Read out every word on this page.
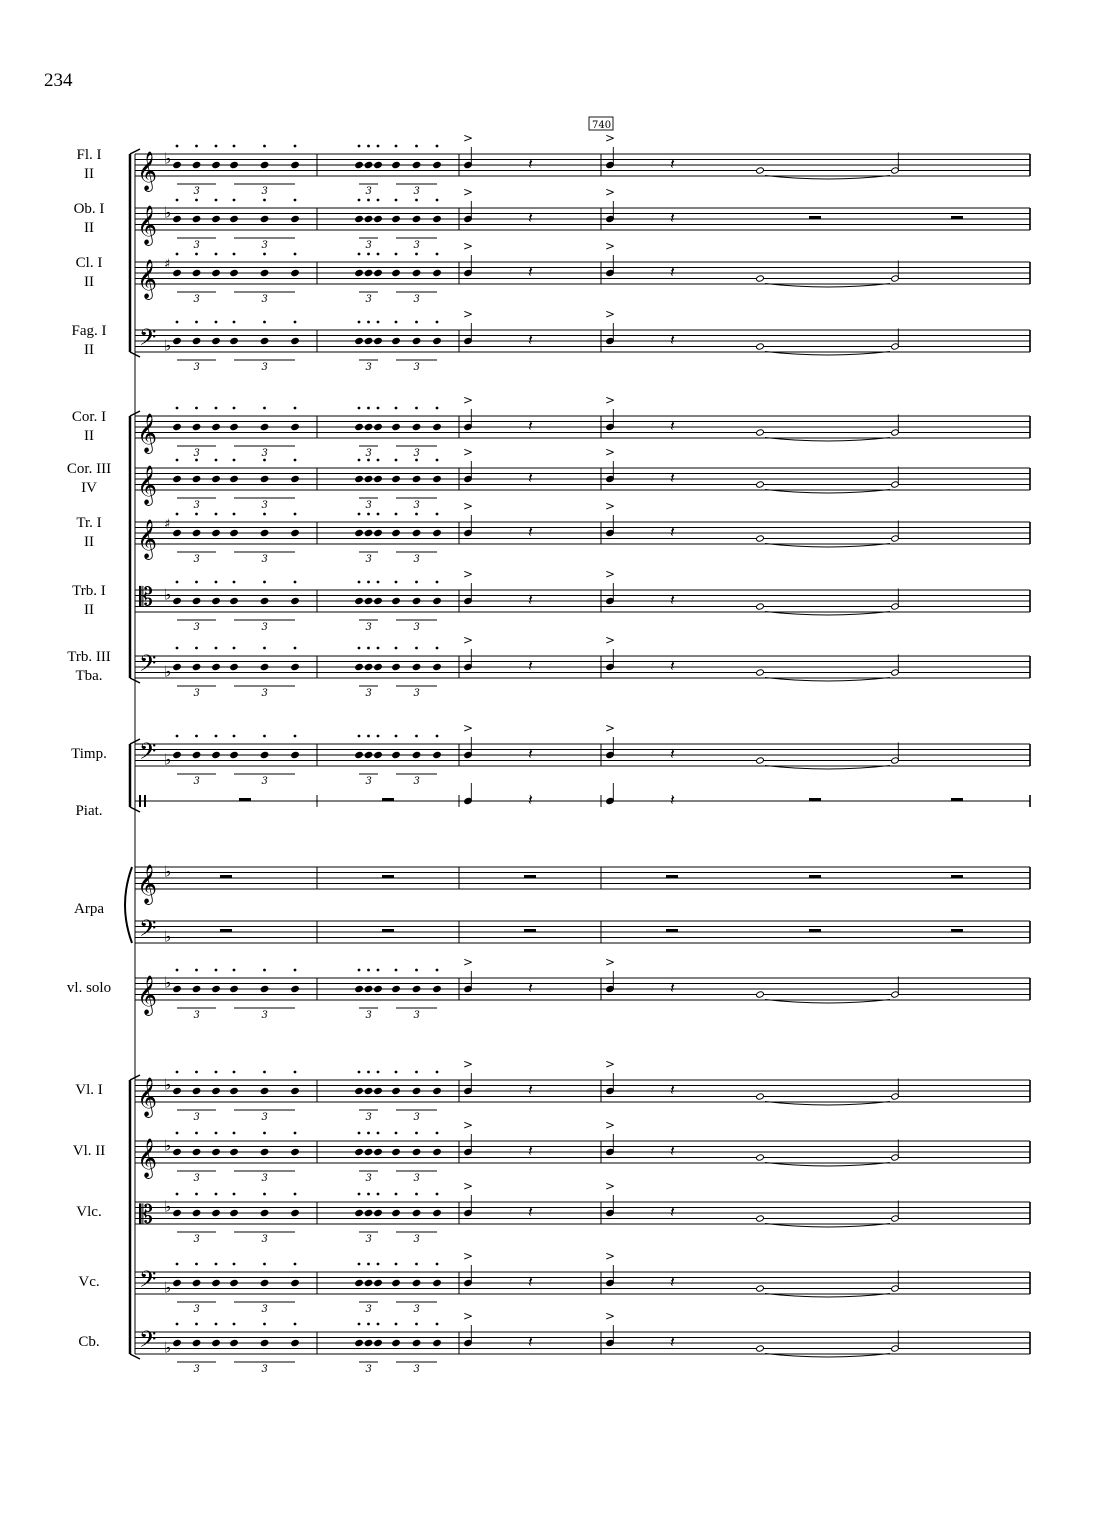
234
Fl. I
II
Ob. I
II
Cl. I
II
Fag. I
II
Cor. I
II
Cor. III
IV
Tr. I
II
Trb. I
II
Trb. III
Tba.
Timp.
Piat.
Arpa
vl. solo
Vl. I
Vl. II
Vlc.
Vc.
Cb.
𝄞 ♭
3	3	3	3
>
𝄽
>
𝄽
𝄞 ♭
3	3	3	3
>
𝄽
>
𝄽
𝄞 ♯
3	3	3	3
>
𝄽
>
𝄽
𝄢 ♭
3	3	3	3
>
𝄽
>
𝄽
𝄞
3	3	3	3
>
𝄽
>
𝄽
𝄞
3	3	3	3
>
𝄽
>
𝄽
𝄞 ♯
3	3	3	3
>
𝄽
>
𝄽
𝄡 ♭
3	3	3	3
>
𝄽
>
𝄽
𝄢 ♭
3	3	3	3
>
𝄽
>
𝄽
𝄢 ♭
3	3	3	3
>
𝄽
>
𝄽
𝄽	𝄽
𝄞 ♭
𝄢 ♭
𝄞 ♭
3	3	3	3
>
𝄽
>
𝄽
𝄞 ♭
3	3	3	3
>
𝄽
>
𝄽
𝄞 ♭
3	3	3	3
>
𝄽
>
𝄽
𝄡 ♭
3	3	3	3
>
𝄽
>
𝄽
𝄢 ♭
3	3	3	3
>
𝄽
>
𝄽
𝄢 ♭
3	3	3	3
>
𝄽
>
𝄽
740
